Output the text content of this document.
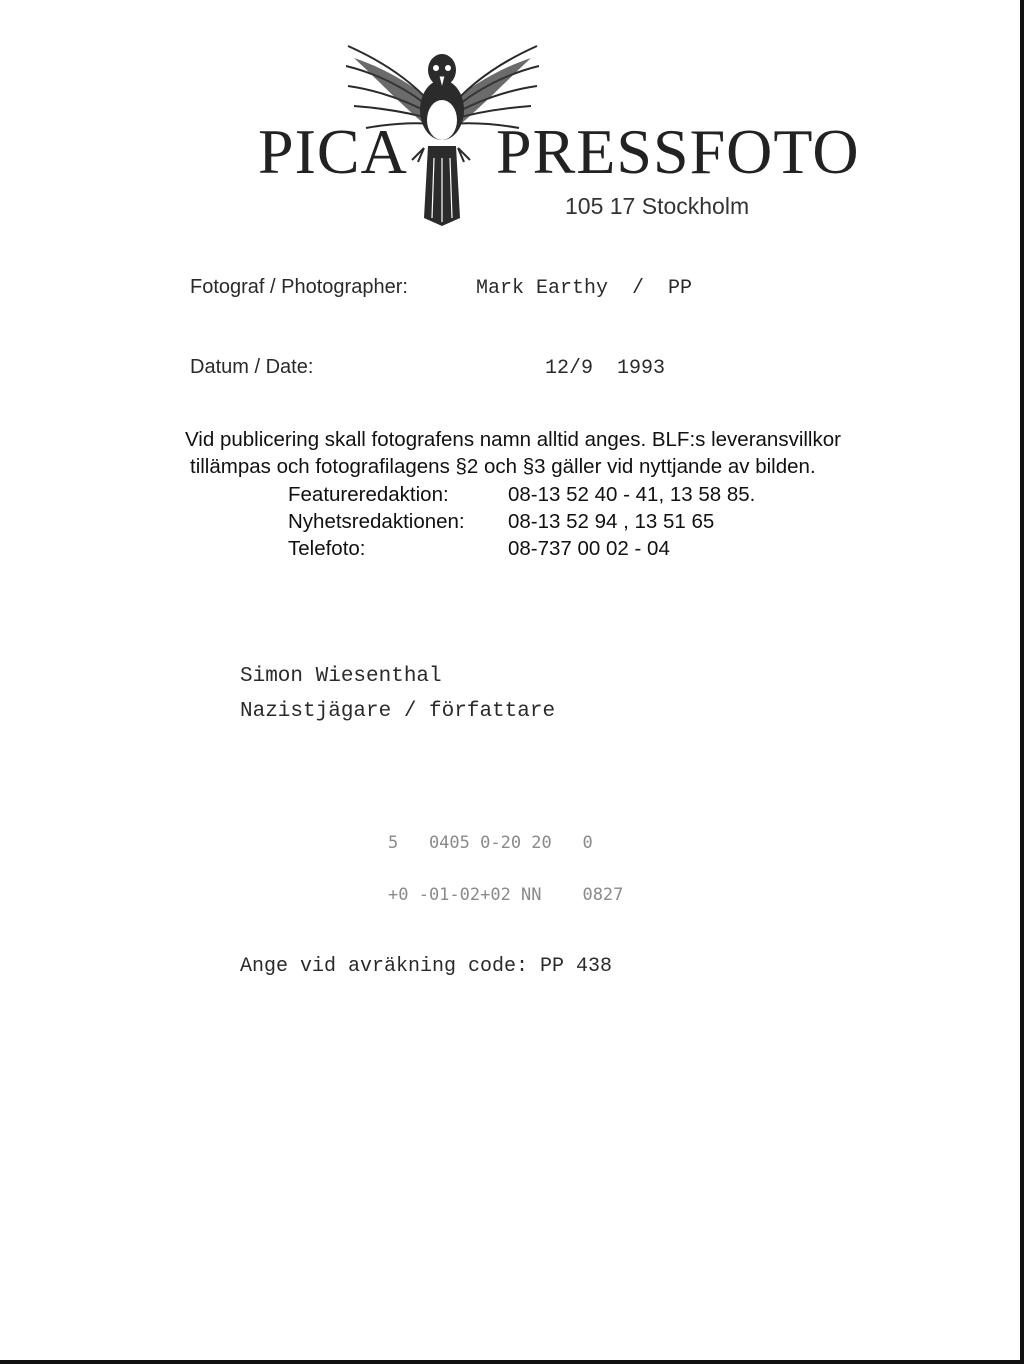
PICA PRESSFOTO
105 17 Stockholm
Fotograf / Photographer:	Mark Earthy  /  PP
Datum / Date:	12/9  1993
Vid publicering skall fotografens namn alltid anges. BLF:s leveransvillkor
tillämpas och fotografilagens §2 och §3 gäller vid nyttjande av bilden.
Featureredaktion:	08-13 52 40 - 41, 13 58 85.
Nyhetsredaktionen: 08-13 52 94 , 13 51 65
Telefoto:	08-737 00 02 - 04
Simon Wiesenthal
Nazistjägare / författare
5   0405 0-20 20   0
+0 -01-02+02 NN    0827
Ange vid avräkning code: PP 438
